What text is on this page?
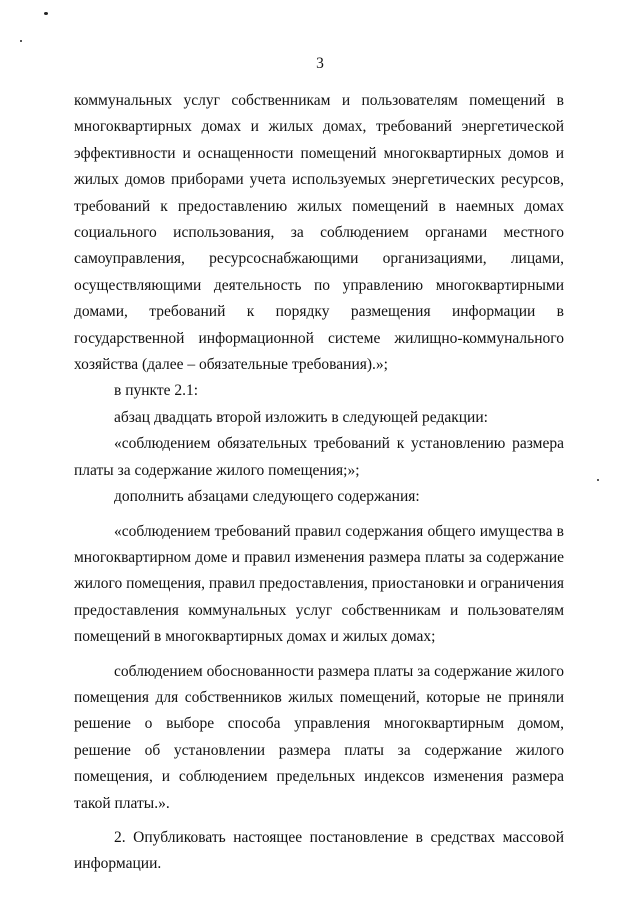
3

коммунальных услуг собственникам и пользователям помещений в многоквартирных домах и жилых домах, требований энергетической эффективности и оснащенности помещений многоквартирных домов и жилых домов приборами учета используемых энергетических ресурсов, требований к предоставлению жилых помещений в наемных домах социального использования, за соблюдением органами местного самоуправления, ресурсоснабжающими организациями, лицами, осуществляющими деятельность по управлению многоквартирными домами, требований к порядку размещения информации в государственной информационной системе жилищно-коммунального хозяйства (далее – обязательные требования).»;

в пункте 2.1:

абзац двадцать второй изложить в следующей редакции:

«соблюдением обязательных требований к установлению размера платы за содержание жилого помещения;»;

дополнить абзацами следующего содержания:

«соблюдением требований правил содержания общего имущества в многоквартирном доме и правил изменения размера платы за содержание жилого помещения, правил предоставления, приостановки и ограничения предоставления коммунальных услуг собственникам и пользователям помещений в многоквартирных домах и жилых домах;

соблюдением обоснованности размера платы за содержание жилого помещения для собственников жилых помещений, которые не приняли решение о выборе способа управления многоквартирным домом, решение об установлении размера платы за содержание жилого помещения, и соблюдением предельных индексов изменения размера такой платы.».

2. Опубликовать настоящее постановление в средствах массовой информации.
